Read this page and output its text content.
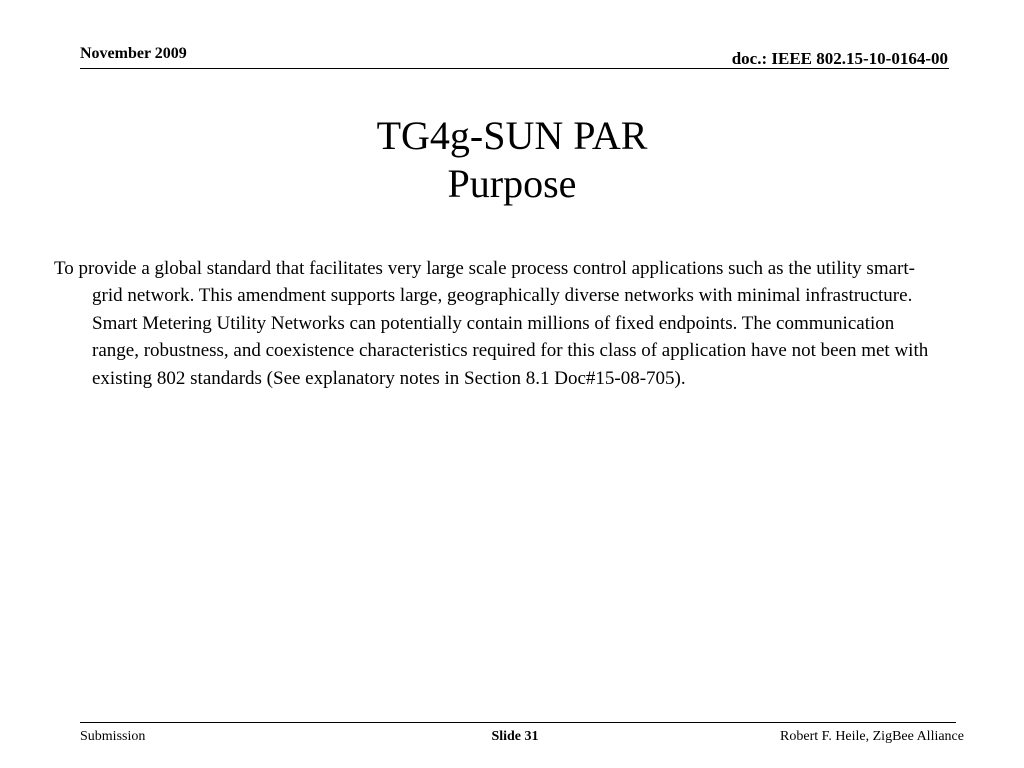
November 2009	doc.: IEEE 802.15-10-0164-00
TG4g-SUN PAR
Purpose
To provide a global standard that facilitates very large scale process control applications such as the utility smart-grid network. This amendment supports large, geographically diverse networks with minimal infrastructure. Smart Metering Utility Networks can potentially contain millions of fixed endpoints. The communication range, robustness, and coexistence characteristics required for this class of application have not been met with existing 802 standards (See explanatory notes in Section 8.1 Doc#15-08-705).
Submission	Slide 31	Robert F. Heile, ZigBee Alliance
